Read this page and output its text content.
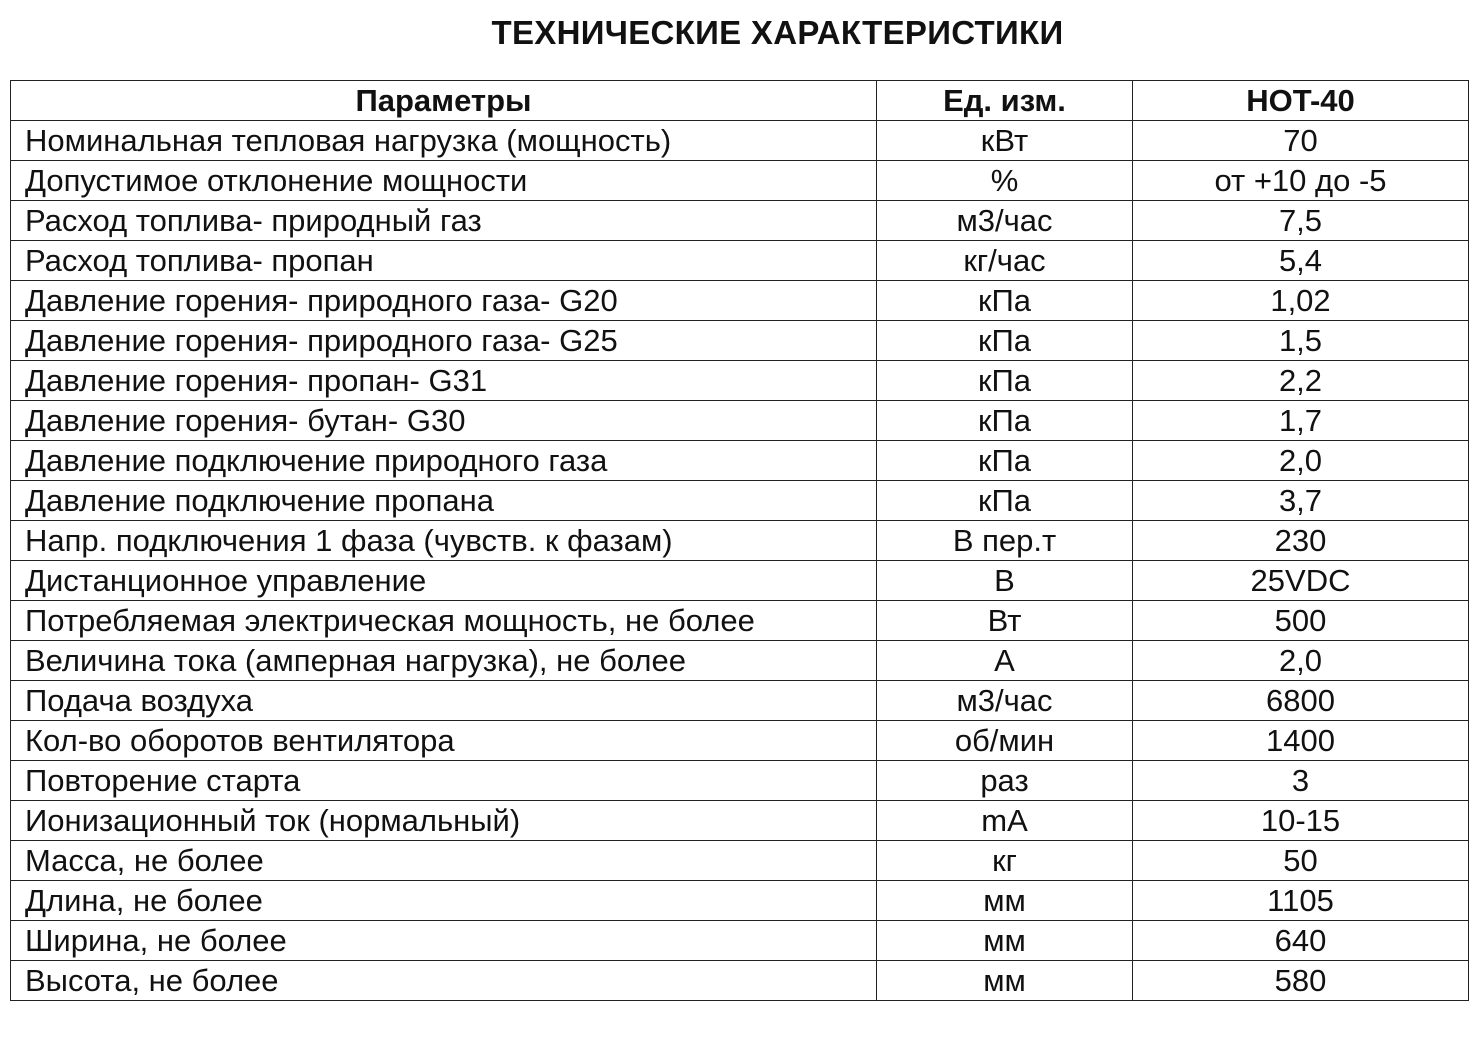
ТЕХНИЧЕСКИЕ ХАРАКТЕРИСТИКИ
Параметры	Ед. изм.	HOT-40
Номинальная тепловая нагрузка (мощность)	кВт	70
Допустимое отклонение мощности	%	от +10 до -5
Расход топлива- природный газ	м3/час	7,5
Расход топлива- пропан	кг/час	5,4
Давление горения- природного газа- G20	кПа	1,02
Давление горения- природного газа- G25	кПа	1,5
Давление горения- пропан- G31	кПа	2,2
Давление горения- бутан- G30	кПа	1,7
Давление подключение природного газа	кПа	2,0
Давление подключение пропана	кПа	3,7
Напр. подключения 1 фаза (чувств. к фазам)	В пер.т	230
Дистанционное управление	В	25VDC
Потребляемая электрическая мощность, не более	Вт	500
Величина тока (амперная нагрузка), не более	А	2,0
Подача воздуха	м3/час	6800
Кол-во оборотов вентилятора	об/мин	1400
Повторение старта	раз	3
Ионизационный ток (нормальный)	mA	10-15
Масса, не более	кг	50
Длина, не более	мм	1105
Ширина, не более	мм	640
Высота, не более	мм	580
